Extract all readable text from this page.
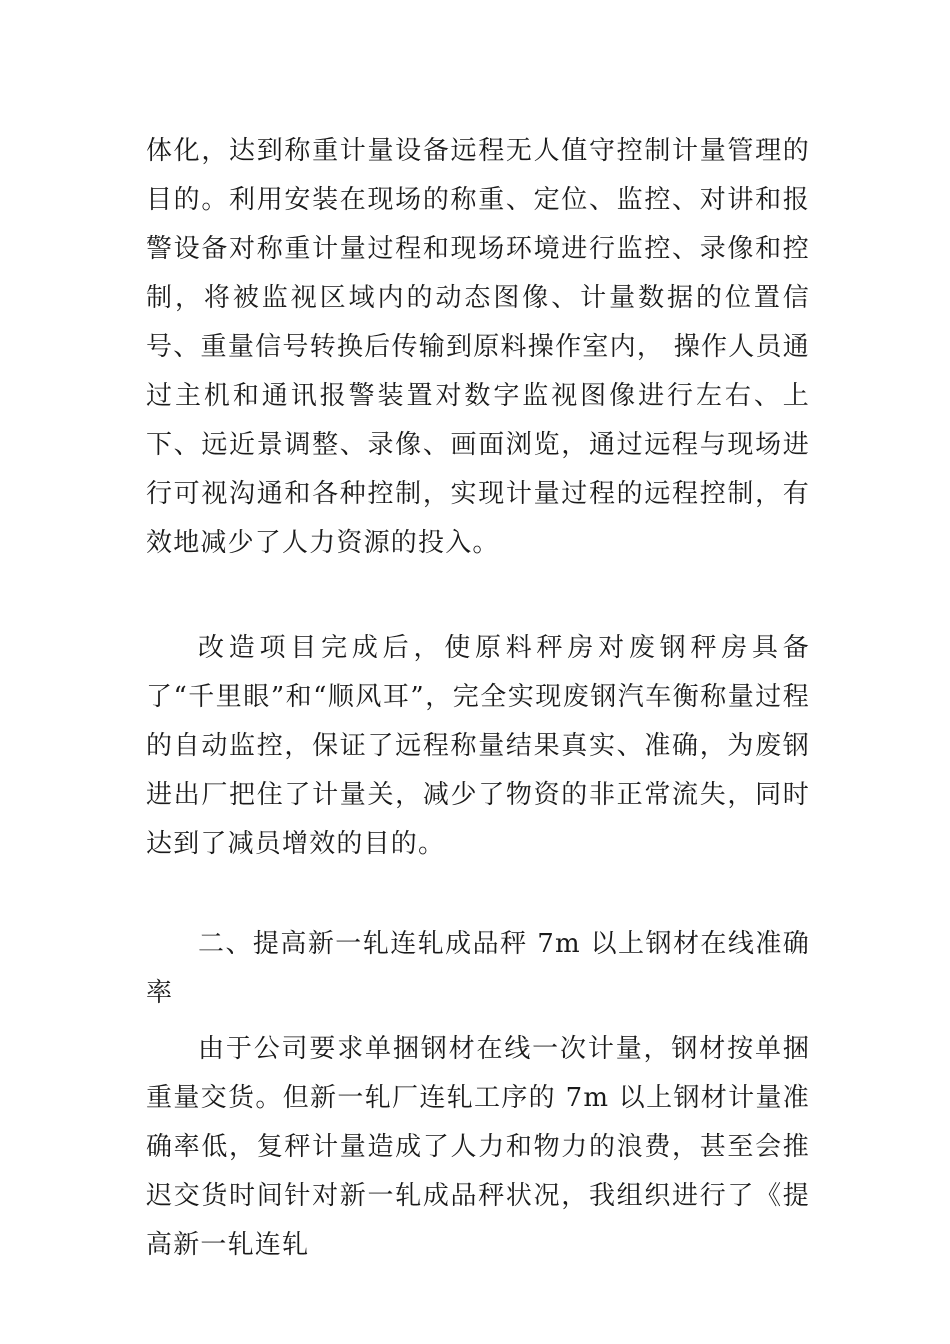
体化，达到称重计量设备远程无人值守控制计量管理的目的。利用安装在现场的称重、定位、监控、对讲和报警设备对称重计量过程和现场环境进行监控、录像和控制，将被监视区域内的动态图像、计量数据的位置信号、重量信号转换后传输到原料操作室内， 操作人员通过主机和通讯报警装置对数字监视图像进行左右、上下、远近景调整、录像、画面浏览，通过远程与现场进行可视沟通和各种控制，实现计量过程的远程控制，有效地减少了人力资源的投入。

改造项目完成后，使原料秤房对废钢秤房具备了“千里眼”和“顺风耳”，完全实现废钢汽车衡称量过程的自动监控，保证了远程称量结果真实、准确，为废钢进出厂把住了计量关，减少了物资的非正常流失，同时达到了减员增效的目的。

二、提高新一轧连轧成品秤 7m 以上钢材在线准确率

由于公司要求单捆钢材在线一次计量，钢材按单捆重量交货。但新一轧厂连轧工序的 7m 以上钢材计量准确率低，复秤计量造成了人力和物力的浪费，甚至会推迟交货时间针对新一轧成品秤状况，我组织进行了《提高新一轧连轧
